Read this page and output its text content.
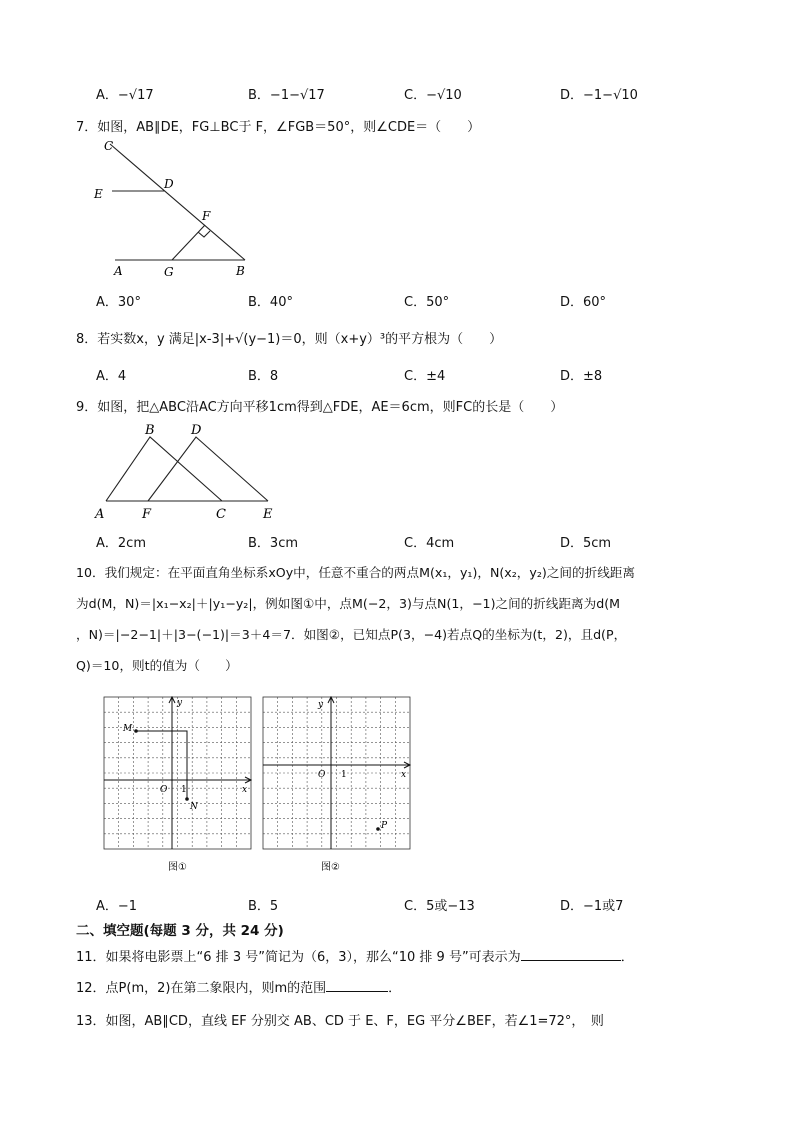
A．−√17	B．−1−√17	C．−√10	D．−1−√10
7．如图，AB∥DE，FG⊥BC于 F，∠FGB＝50°，则∠CDE＝（　　）
C
E
D
F
A	G	B
A．30°	B．40°	C．50°	D．60°
8．若实数x，y 满足|x-3|+√(y−1)＝0，则（x+y）³的平方根为（　　）
A．4	B．8	C．±4	D．±8
9．如图，把△ABC沿AC方向平移1cm得到△FDE，AE＝6cm，则FC的长是（　　）
B	D
A	F	C	E
A．2cm	B．3cm	C．4cm	D．5cm
10．我们规定：在平面直角坐标系xOy中，任意不重合的两点M(x₁，y₁)，N(x₂，y₂)之间的折线距离
为d(M，N)＝|x₁−x₂|＋|y₁−y₂|，例如图①中，点M(−2，3)与点N(1，−1)之间的折线距离为d(M
，N)＝|−2−1|＋|3−(−1)|＝3＋4＝7．如图②，已知点P(3，−4)若点Q的坐标为(t，2)，且d(P，
Q)＝10，则t的值为（　　）
y
x
O 1
M
N
图①
y
x
O 1
P
图②
A．−1	B．5	C．5或−13	D．−1或7
二、填空题(每题 3 分，共 24 分)
11．如果将电影票上“6 排 3 号”简记为（6，3），那么“10 排 9 号”可表示为	．
12．点P(m，2)在第二象限内，则m的范围	．
13．如图，AB∥CD，直线 EF 分别交 AB、CD 于 E、F，EG 平分∠BEF，若∠1=72°，　则
